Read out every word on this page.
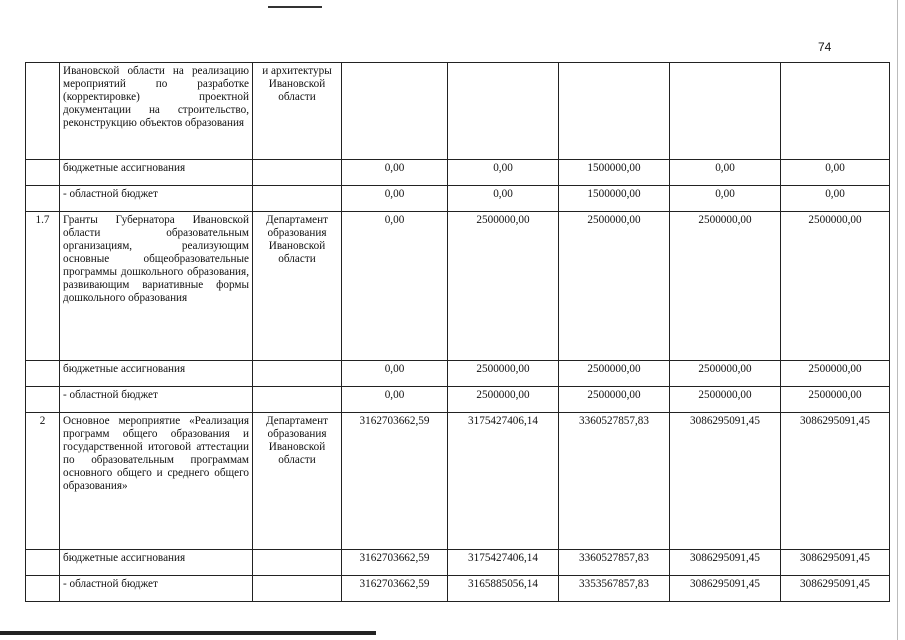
74
	Ивановской области на реализацию мероприятий по разработке (корректировке) проектной документации на строительство, реконструкцию объектов образования	и архитектуры Ивановской области					
	бюджетные ассигнования		0,00	0,00	1500000,00	0,00	0,00
	- областной бюджет		0,00	0,00	1500000,00	0,00	0,00
1.7	Гранты Губернатора Ивановской области образовательным организациям, реализующим основные общеобразовательные программы дошкольного образования, развивающим вариативные формы дошкольного образования	Департамент образования Ивановской области	0,00	2500000,00	2500000,00	2500000,00	2500000,00
	бюджетные ассигнования		0,00	2500000,00	2500000,00	2500000,00	2500000,00
	- областной бюджет		0,00	2500000,00	2500000,00	2500000,00	2500000,00
2	Основное мероприятие «Реализация программ общего образования и государственной итоговой аттестации по образовательным программам основного общего и среднего общего образования»	Департамент образования Ивановской области	3162703662,59	3175427406,14	3360527857,83	3086295091,45	3086295091,45
	бюджетные ассигнования		3162703662,59	3175427406,14	3360527857,83	3086295091,45	3086295091,45
	- областной бюджет		3162703662,59	3165885056,14	3353567857,83	3086295091,45	3086295091,45
